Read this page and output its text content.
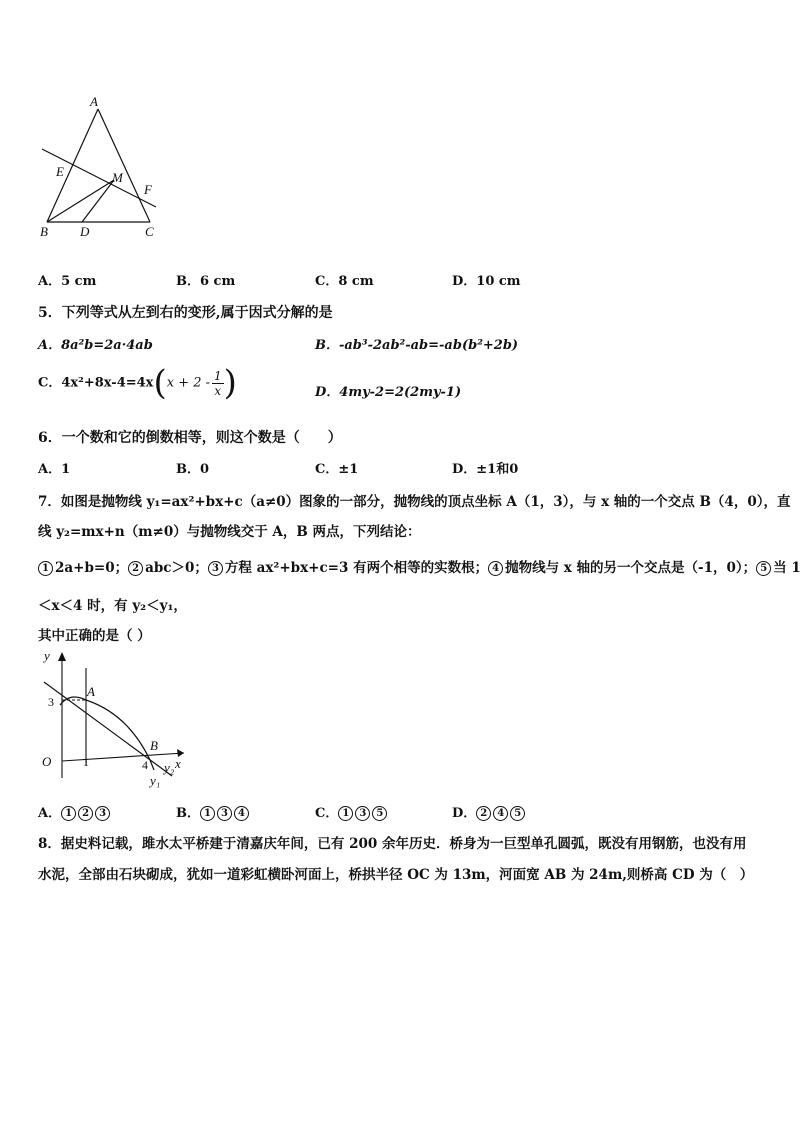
A
E	M
F
B D	C
A．5 cm	B．6 cm	C．8 cm	D．10 cm
5．下列等式从左到右的变形,属于因式分解的是
A．8a²b=2a·4ab	B．-ab³-2ab²-ab=-ab(b²+2b)
C．$4x^2+8x-4=4x(x + 2 - \frac{1}{x}$ )	D．4my-2=2(2my-1)
6．一个数和它的倒数相等，则这个数是（　　）
A．1	B．0	C．±1	D．±1和0
7．如图是抛物线 y₁=ax²+bx+c（a≠0）图象的一部分，抛物线的顶点坐标 A（1，3），与 x 轴的一个交点 B（4，0），直
线 y₂=mx+n（m≠0）与抛物线交于 A，B 两点，下列结论：
1 2a+b=0； 2 abc＞0； 3 方程 ax²+bx+c=3 有两个相等的实数根； 4 抛物线与 x 轴的另一个交点是（-1，0）； 5 当 1
＜x＜4 时，有 y₂＜y₁，
其中正确的是（ ）
y
x
O
A
B
3
1	4
y₁
y₂
A． 1 2 3	B． 1 3 4	C． 1 3 5	D． 2 4 5
8．据史料记载，雎水太平桥建于清嘉庆年间，已有 200 余年历史．桥身为一巨型单孔圆弧，既没有用钢筋，也没有用
水泥，全部由石块砌成，犹如一道彩虹横卧河面上，桥拱半径 OC 为 13m，河面宽 AB 为 24m,则桥高 CD 为（　）
